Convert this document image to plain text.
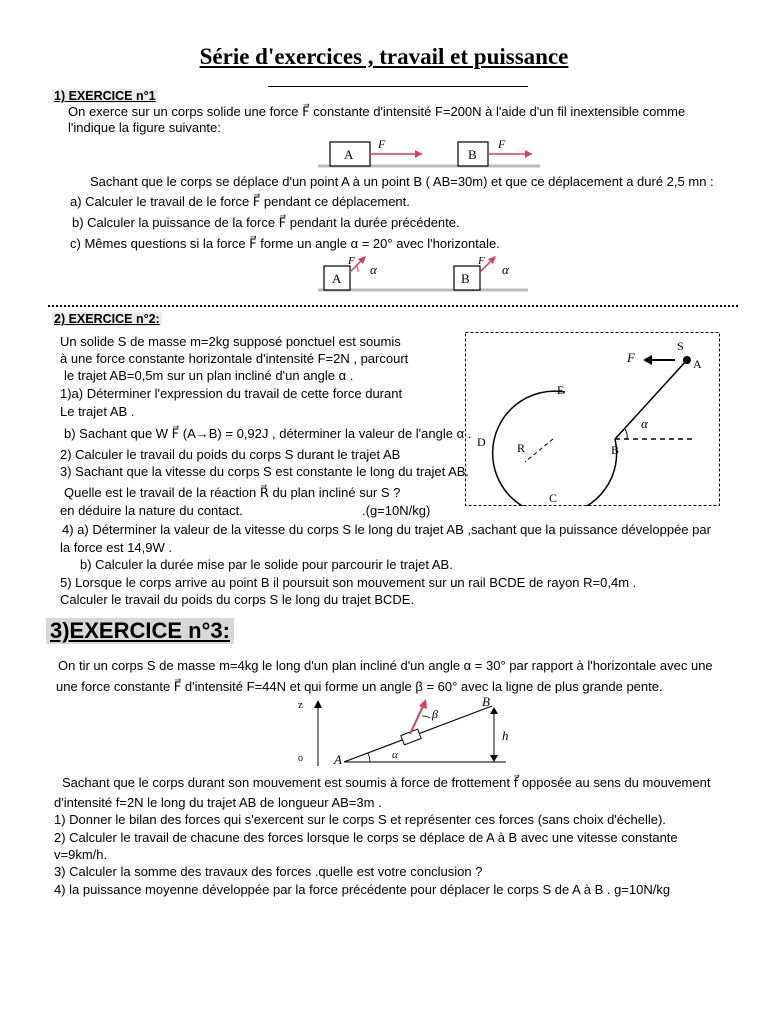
Série d'exercices , travail et puissance
1) EXERCICE n°1
On exerce sur un corps solide une force F⃗ constante d'intensité F=200N à l'aide d'un fil inextensible comme
l'indique la figure suivante:
A
F⃗
B
F⃗
Sachant que le corps se déplace d'un point A à un point B ( AB=30m) et que ce déplacement a duré 2,5 mn :
a) Calculer le travail de le force F⃗ pendant ce déplacement.
b) Calculer la puissance de la force F⃗ pendant la durée précédente.
c) Mêmes questions si la force F⃗ forme un angle α = 20° avec l'horizontale.
A
F⃗
α
B
F⃗
α
2) EXERCICE n°2:
Un solide S de masse m=2kg supposé ponctuel est soumis
à une force constante horizontale d'intensité F=2N , parcourt
le trajet AB=0,5m sur un plan incliné d'un angle α .
1)a) Déterminer l'expression du travail de cette force durant
Le trajet AB .
b) Sachant que W F⃗ (A→B) = 0,92J , déterminer la valeur de l'angle α .
2) Calculer le travail du poids du corps S durant le trajet AB
3) Sachant que la vitesse du corps S est constante le long du trajet AB.
Quelle est le travail de la réaction R⃗ du plan incliné sur S ?
en déduire la nature du contact.	.(g=10N/kg)
F⃗
S
A
B
C
D
E
R
α
4) a) Déterminer la valeur de la vitesse du corps S le long du trajet AB ,sachant que la puissance développée par
la force est 14,9W .
b) Calculer la durée mise par le solide pour parcourir le trajet AB.
5) Lorsque le corps arrive au point B il poursuit son mouvement sur un rail BCDE de rayon R=0,4m .
Calculer le travail du poids du corps S le long du trajet BCDE.
3)EXERCICE n°3:
On tir un corps S de masse m=4kg le long d'un plan incliné d'un angle α = 30° par rapport à l'horizontale avec une
une force constante F⃗ d'intensité F=44N et qui forme un angle β = 60° avec la ligne de plus grande pente.
z
o A
B
h
β
α
Sachant que le corps durant son mouvement est soumis à force de frottement f⃗ opposée au sens du mouvement
d'intensité f=2N le long du trajet AB de longueur AB=3m .
1) Donner le bilan des forces qui s'exercent sur le corps S et représenter ces forces (sans choix d'échelle).
2) Calculer le travail de chacune des forces lorsque le corps se déplace de A à B avec une vitesse constante
v=9km/h.
3) Calculer la somme des travaux des forces .quelle est votre conclusion ?
4) la puissance moyenne développée par la force précédente pour déplacer le corps S de A à B . g=10N/kg
